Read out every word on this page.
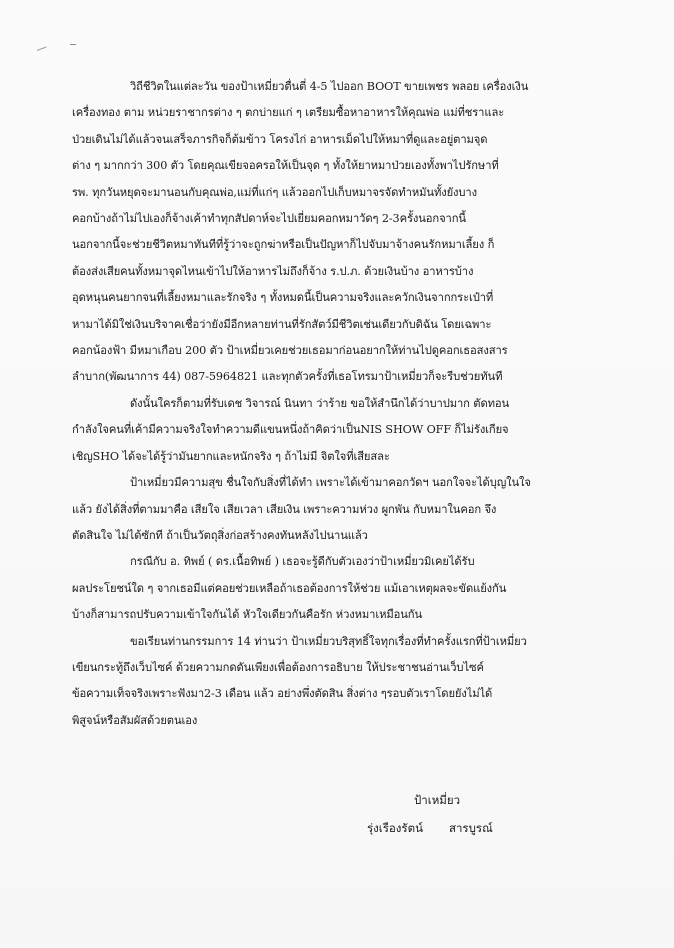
วิถีชีวิตในแต่ละวัน ของป้าเหมี่ยวตื่นตี่ 4-5 ไปออก BOOT ขายเพชร พลอย เครื่องเงิน
เครื่องทอง ตาม หน่วยราชากรต่าง ๆ ตกบ่ายแก่ ๆ เตรียมซื้อหาอาหารให้คุณพ่อ แม่ที่ชราและ
ป่วยเดินไม่ได้แล้วจนเสร็จภารกิจก็ต้มข้าว โครงไก่ อาหารเม็ดไปให้หมาที่ดูและอยู่ตามจุด
ต่าง ๆ มากกว่า 300 ตัว โดยคุณเขียจอครอให้เป็นจุด ๆ ทั้งให้ยาหมาป่วยเองทั้งพาไปรักษาที่
รพ. ทุกวันหยุดจะมานอนกับคุณพ่อ,แม่ที่แก่ๆ แล้วออกไปเก็บหมาจรจัดทำหมันทั้งยังบาง
คอกบ้างถ้าไม่ไปเองก็จ้างเค้าทำทุกสัปดาห์จะไปเยี่ยมคอกหมาวัดๆ 2-3ครั้งนอกจากนี้
นอกจากนี้จะช่วยชีวิตหมาทันทีที่รู้ว่าจะถูกฆ่าหรือเป็นปัญหาก็ไปจับมาจ้างคนรักหมาเลี้ยง ก็
ต้องส่งเสียคนทั้งหมาจุดไหนเข้าไปให้อาหารไม่ถึงก็จ้าง ร.ป.ภ. ด้วยเงินบ้าง อาหารบ้าง
อุดหนุนคนยากจนที่เลี้ยงหมาและรักจริง ๆ ทั้งหมดนี้เป็นความจริงและควักเงินจากกระเป๋าที่
หามาได้มิใช่เงินบริจาคเชื่อว่ายังมีอีกหลายท่านที่รักสัตว์มีชีวิตเช่นเดียวกับดิฉัน โดยเฉพาะ
คอกน้องฟ้า มีหมาเกือบ 200 ตัว ป้าเหมี่ยวเคยช่วยเธอมาก่อนอยากให้ท่านไปดูคอกเธอสงสาร
ลำบาก(พัฒนาการ 44) 087-5964821 และทุกตัวครั้งที่เธอโทรมาป้าเหมี่ยวก็จะรีบช่วยทันที

ดังนั้นใครก็ตามที่รับเดช วิจารณ์ นินทา ว่าร้าย ขอให้สำนึกได้ว่าบาปมาก ตัดทอน
กำลังใจคนที่เค้ามีความจริงใจทำความดีแขนหนึ่งถ้าคิดว่าเป็นNIS SHOW OFF ก็ไม่รังเกียจ
เชิญSHO ได้จะได้รู้ว่ามันยากและหนักจริง ๆ ถ้าไม่มี จิตใจที่เสียสละ

ป้าเหมี่ยวมีความสุข ชื่นใจกับสิ่งที่ได้ทำ เพราะได้เข้ามาคอกวัดฯ นอกใจจะได้บุญในใจ
แล้ว ยังได้สิ่งที่ตามมาคือ เสียใจ เสียเวลา เสียเงิน เพราะความห่วง ผูกพัน กับหมาในคอก จึง
ตัดสินใจ ไม่ได้ซักที ถ้าเป็นวัตถุสิ่งก่อสร้างคงทันหลังไปนานแล้ว

กรณีกับ อ. ทิพย์ ( ดร.เนื้อทิพย์ ) เธอจะรู้ดีกับตัวเองว่าป้าเหมี่ยวมิเคยได้รับ
ผลประโยชน์ใด ๆ จากเธอมีแต่คอยช่วยเหลือถ้าเธอต้องการให้ช่วย แม้เอาเหตุผลจะขัดแย้งกัน
บ้างก็สามารถปรับความเข้าใจกันได้ หัวใจเดียวกันคือรัก ห่วงหมาเหมือนกัน

ขอเรียนท่านกรรมการ 14 ท่านว่า ป้าเหมี่ยวบริสุทธิ์ใจทุกเรื่องที่ทำครั้งแรกที่ป้าเหมี่ยว
เขียนกระทู้ถึงเว็บไซค์ ด้วยความกดดันเพียงเพื่อต้องการอธิบาย ให้ประชาชนอ่านเว็บไซค์
ข้อความเท็จจริงเพราะฟังมา2-3 เดือน แล้ว อย่างพึ่งตัดสิน สิ่งต่าง ๆรอบตัวเราโดยยังไม่ได้
พิสูจน์หรือสัมผัสด้วยตนเอง

ป้าเหมี่ยว
รุ่งเรืองรัตน์ สารบูรณ์
